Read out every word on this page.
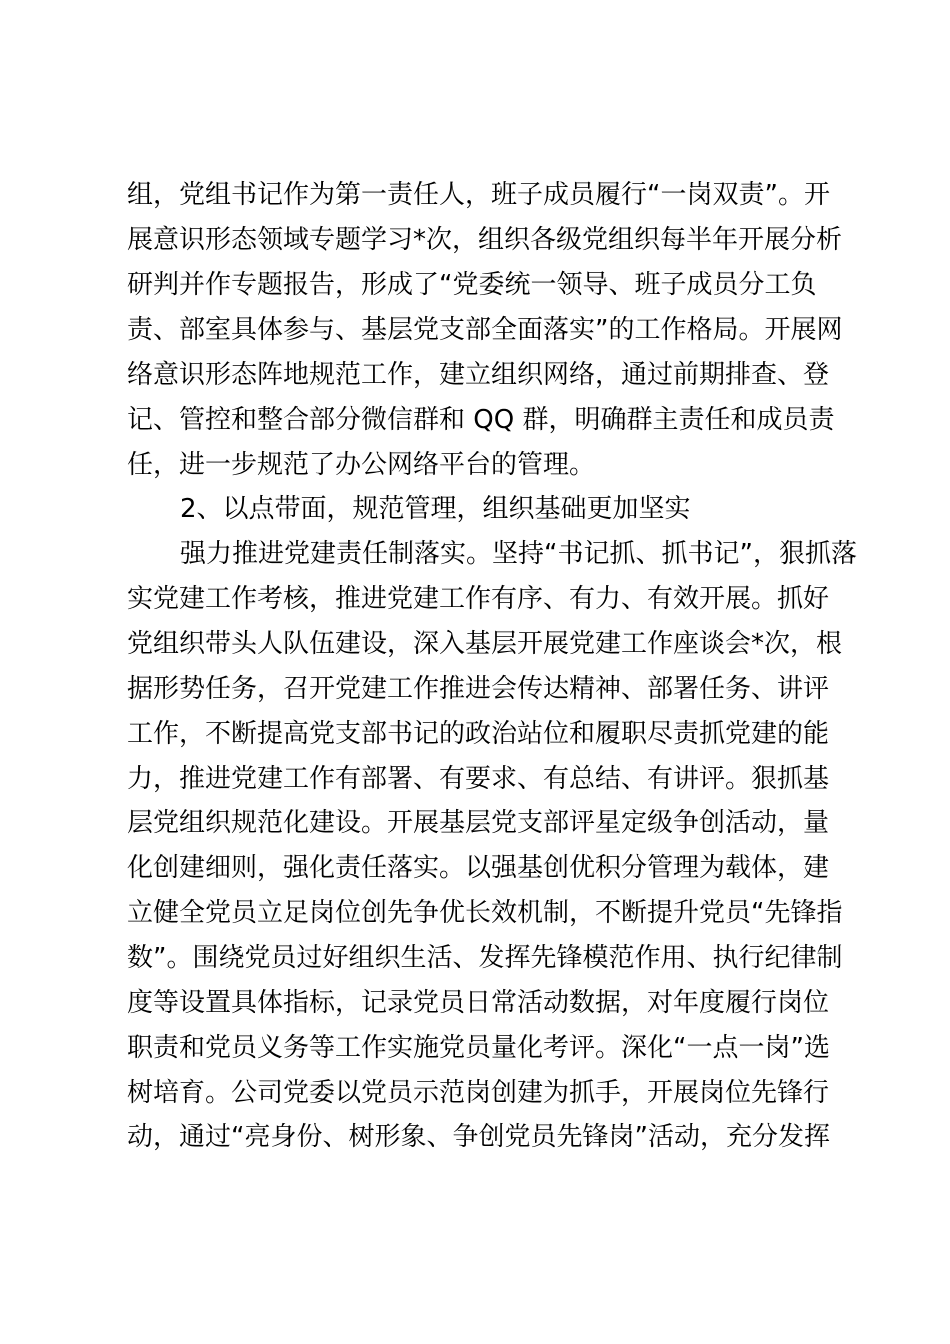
组，党组书记作为第一责任人，班子成员履行“一岗双责”。开
展意识形态领域专题学习*次，组织各级党组织每半年开展分析
研判并作专题报告，形成了“党委统一领导、班子成员分工负
责、部室具体参与、基层党支部全面落实”的工作格局。开展网
络意识形态阵地规范工作，建立组织网络，通过前期排查、登
记、管控和整合部分微信群和 QQ 群，明确群主责任和成员责
任，进一步规范了办公网络平台的管理。
2、以点带面，规范管理，组织基础更加坚实
强力推进党建责任制落实。坚持“书记抓、抓书记”，狠抓落
实党建工作考核，推进党建工作有序、有力、有效开展。抓好
党组织带头人队伍建设，深入基层开展党建工作座谈会*次，根
据形势任务，召开党建工作推进会传达精神、部署任务、讲评
工作，不断提高党支部书记的政治站位和履职尽责抓党建的能
力，推进党建工作有部署、有要求、有总结、有讲评。狠抓基
层党组织规范化建设。开展基层党支部评星定级争创活动，量
化创建细则，强化责任落实。以强基创优积分管理为载体，建
立健全党员立足岗位创先争优长效机制，不断提升党员“先锋指
数”。围绕党员过好组织生活、发挥先锋模范作用、执行纪律制
度等设置具体指标，记录党员日常活动数据，对年度履行岗位
职责和党员义务等工作实施党员量化考评。深化“一点一岗”选
树培育。公司党委以党员示范岗创建为抓手，开展岗位先锋行
动，通过“亮身份、树形象、争创党员先锋岗”活动，充分发挥
